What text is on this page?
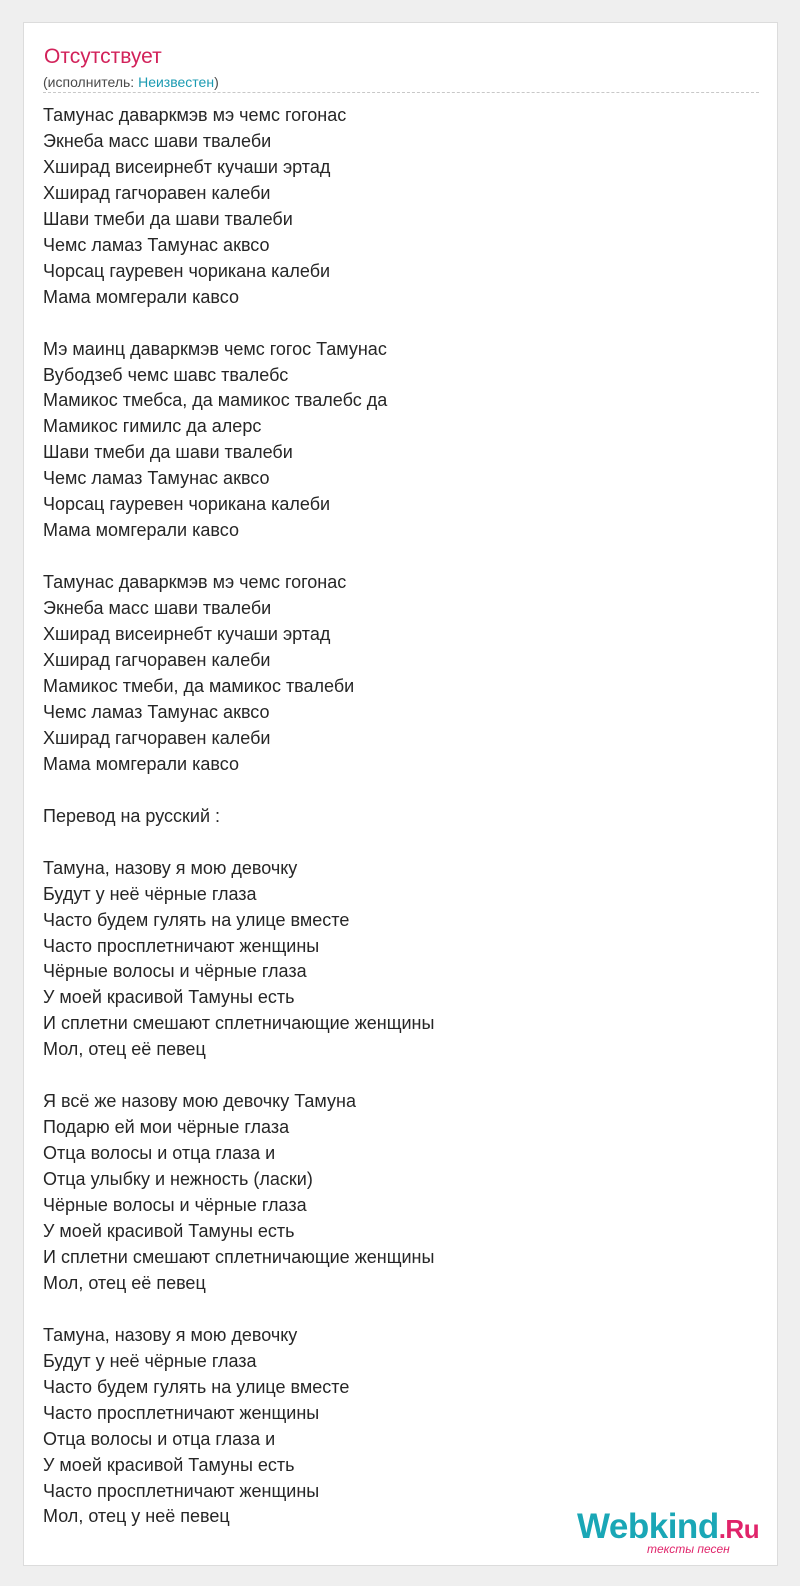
Отсутствует
(исполнитель: Неизвестен)
Тамунас даваркмэв мэ чемс гогонас
Экнеба масс шави твалеби
Хширад висеирнебт кучаши эртад
Хширад гагчоравен калеби
Шави тмеби да шави твалеби
Чемс ламаз Тамунас аквсо
Чорсац гауревен чорикана калеби
Мама момгерали кавсо

Мэ маинц даваркмэв чемс гогос Тамунас
Вубодзеб чемс шавс твалебс
Мамикос тмебса, да мамикос твалебс да
Мамикос гимилс да алерс
Шави тмеби да шави твалеби
Чемс ламаз Тамунас аквсо
Чорсац гауревен чорикана калеби
Мама момгерали кавсо

Тамунас даваркмэв мэ чемс гогонас
Экнеба масс шави твалеби
Хширад висеирнебт кучаши эртад
Хширад гагчоравен калеби
Мамикос тмеби, да мамикос твалеби
Чемс ламаз Тамунас аквсо
Хширад гагчоравен калеби
Мама момгерали кавсо

Перевод на русский :

Тамуна, назову я мою девочку
Будут у неё чёрные глаза
Часто будем гулять на улице вместе
Часто просплетничают женщины
Чёрные волосы и чёрные глаза
У моей красивой Тамуны есть
И сплетни смешают сплетничающие женщины
Мол, отец её певец

Я всё же назову мою девочку Тамуна
Подарю ей мои чёрные глаза
Отца волосы и отца глаза и
Отца улыбку и нежность (ласки)
Чёрные волосы и чёрные глаза
У моей красивой Тамуны есть
И сплетни смешают сплетничающие женщины
Мол, отец её певец

Тамуна, назову я мою девочку
Будут у неё чёрные глаза
Часто будем гулять на улице вместе
Часто просплетничают женщины
Отца волосы и отца глаза и
У моей красивой Тамуны есть
Часто просплетничают женщины
Мол, отец у неё певец	Webkind.Ru
тексты песен
